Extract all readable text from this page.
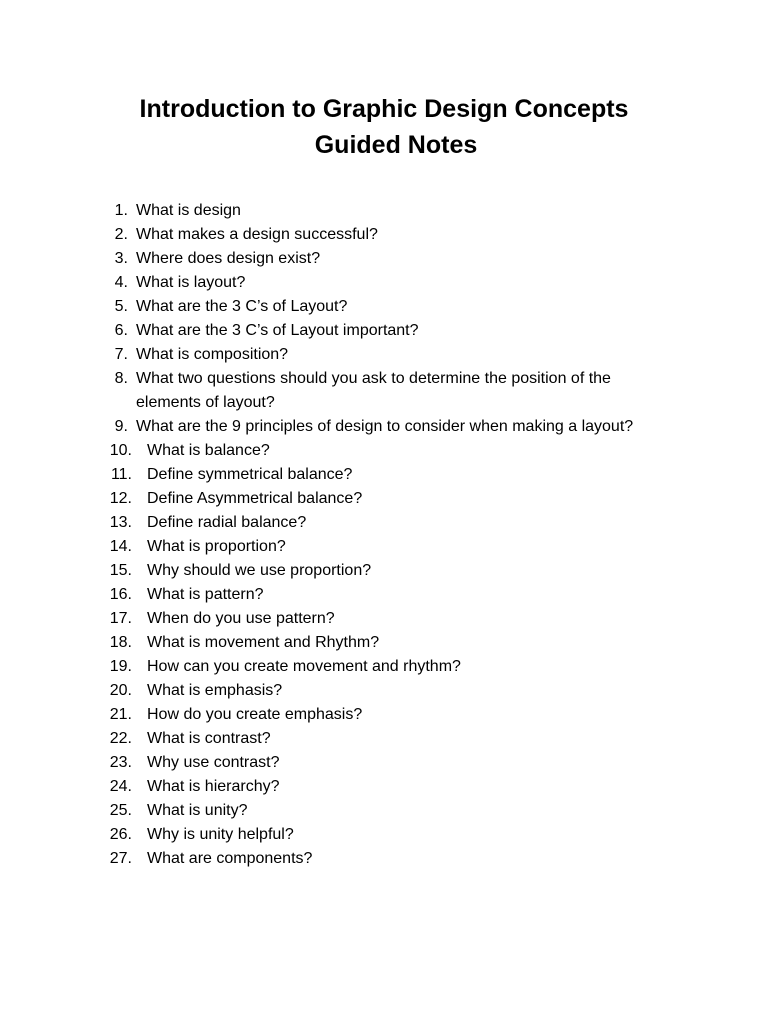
Introduction to Graphic Design Concepts
Guided Notes
1. What is design
2. What makes a design successful?
3. Where does design exist?
4. What is layout?
5. What are the 3 C’s of Layout?
6. What are the 3 C’s of Layout important?
7. What is composition?
8. What two questions should you ask to determine the position of the elements of layout?
9. What are the 9 principles of design to consider when making a layout?
10. What is balance?
11. Define symmetrical balance?
12. Define Asymmetrical balance?
13. Define radial balance?
14. What is proportion?
15. Why should we use proportion?
16. What is pattern?
17. When do you use pattern?
18. What is movement and Rhythm?
19. How can you create movement and rhythm?
20. What is emphasis?
21. How do you create emphasis?
22. What is contrast?
23. Why use contrast?
24. What is hierarchy?
25. What is unity?
26. Why is unity helpful?
27. What are components?
